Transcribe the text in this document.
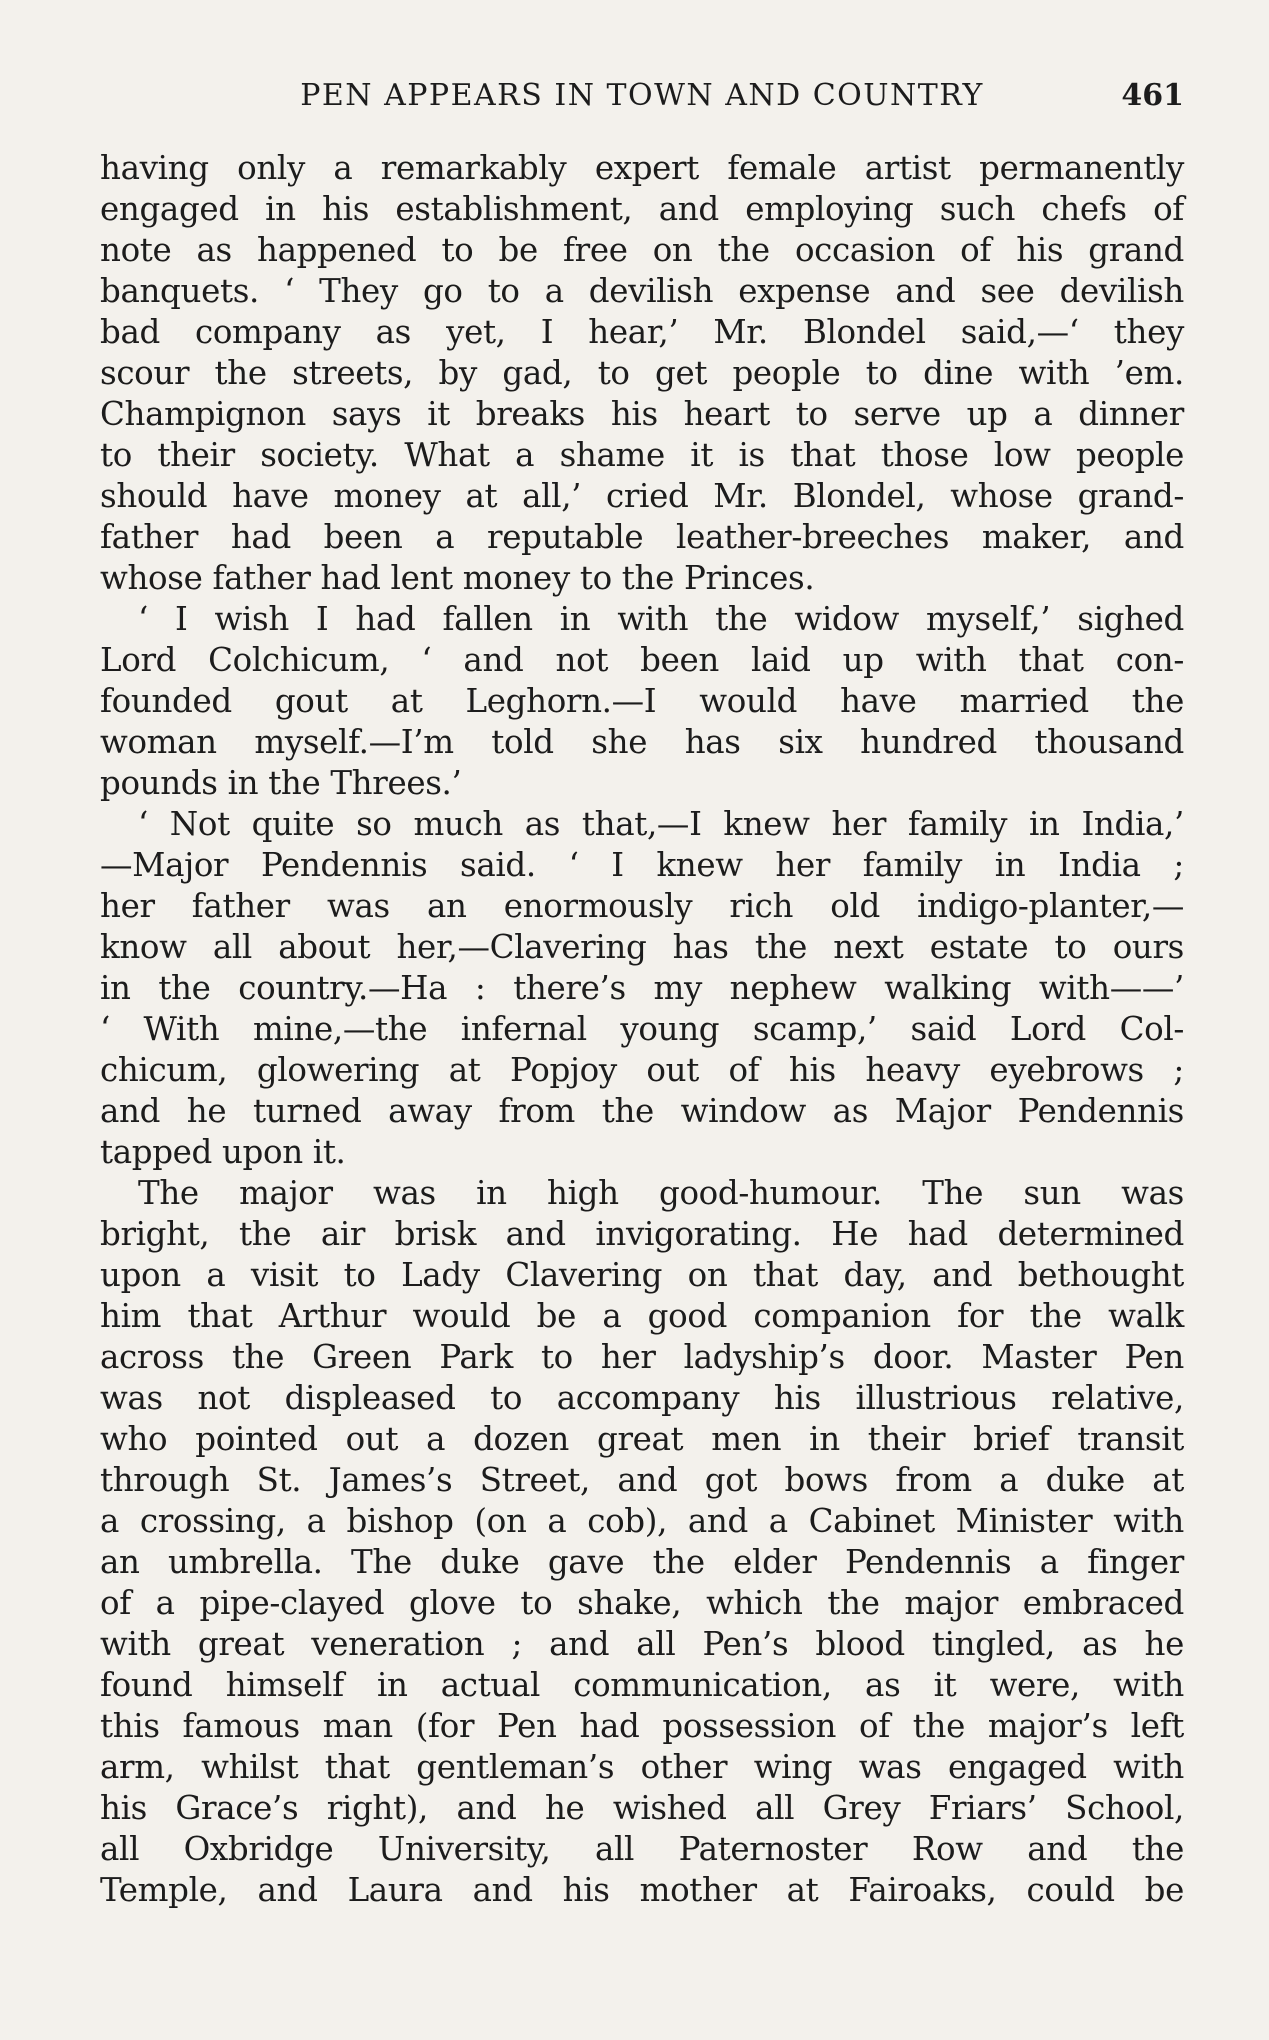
PEN APPEARS IN TOWN AND COUNTRY	461
having only a remarkably expert female artist permanently
engaged in his establishment, and employing such chefs of
note as happened to be free on the occasion of his grand
banquets. ‘ They go to a devilish expense and see devilish
bad company as yet, I hear,’ Mr. Blondel said,—‘ they
scour the streets, by gad, to get people to dine with ’em.
Champignon says it breaks his heart to serve up a dinner
to their society. What a shame it is that those low people
should have money at all,’ cried Mr. Blondel, whose grand-
father had been a reputable leather-breeches maker, and
whose father had lent money to the Princes.
‘ I wish I had fallen in with the widow myself,’ sighed
Lord Colchicum, ‘ and not been laid up with that con-
founded gout at Leghorn.—I would have married the
woman myself.—I’m told she has six hundred thousand
pounds in the Threes.’
‘ Not quite so much as that,—I knew her family in India,’
—Major Pendennis said. ‘ I knew her family in India ;
her father was an enormously rich old indigo-planter,—
know all about her,—Clavering has the next estate to ours
in the country.—Ha : there’s my nephew walking with——’
‘ With mine,—the infernal young scamp,’ said Lord Col-
chicum, glowering at Popjoy out of his heavy eyebrows ;
and he turned away from the window as Major Pendennis
tapped upon it.
The major was in high good-humour. The sun was
bright, the air brisk and invigorating. He had determined
upon a visit to Lady Clavering on that day, and bethought
him that Arthur would be a good companion for the walk
across the Green Park to her ladyship’s door. Master Pen
was not displeased to accompany his illustrious relative,
who pointed out a dozen great men in their brief transit
through St. James’s Street, and got bows from a duke at
a crossing, a bishop (on a cob), and a Cabinet Minister with
an umbrella. The duke gave the elder Pendennis a finger
of a pipe-clayed glove to shake, which the major embraced
with great veneration ; and all Pen’s blood tingled, as he
found himself in actual communication, as it were, with
this famous man (for Pen had possession of the major’s left
arm, whilst that gentleman’s other wing was engaged with
his Grace’s right), and he wished all Grey Friars’ School,
all Oxbridge University, all Paternoster Row and the
Temple, and Laura and his mother at Fairoaks, could be
